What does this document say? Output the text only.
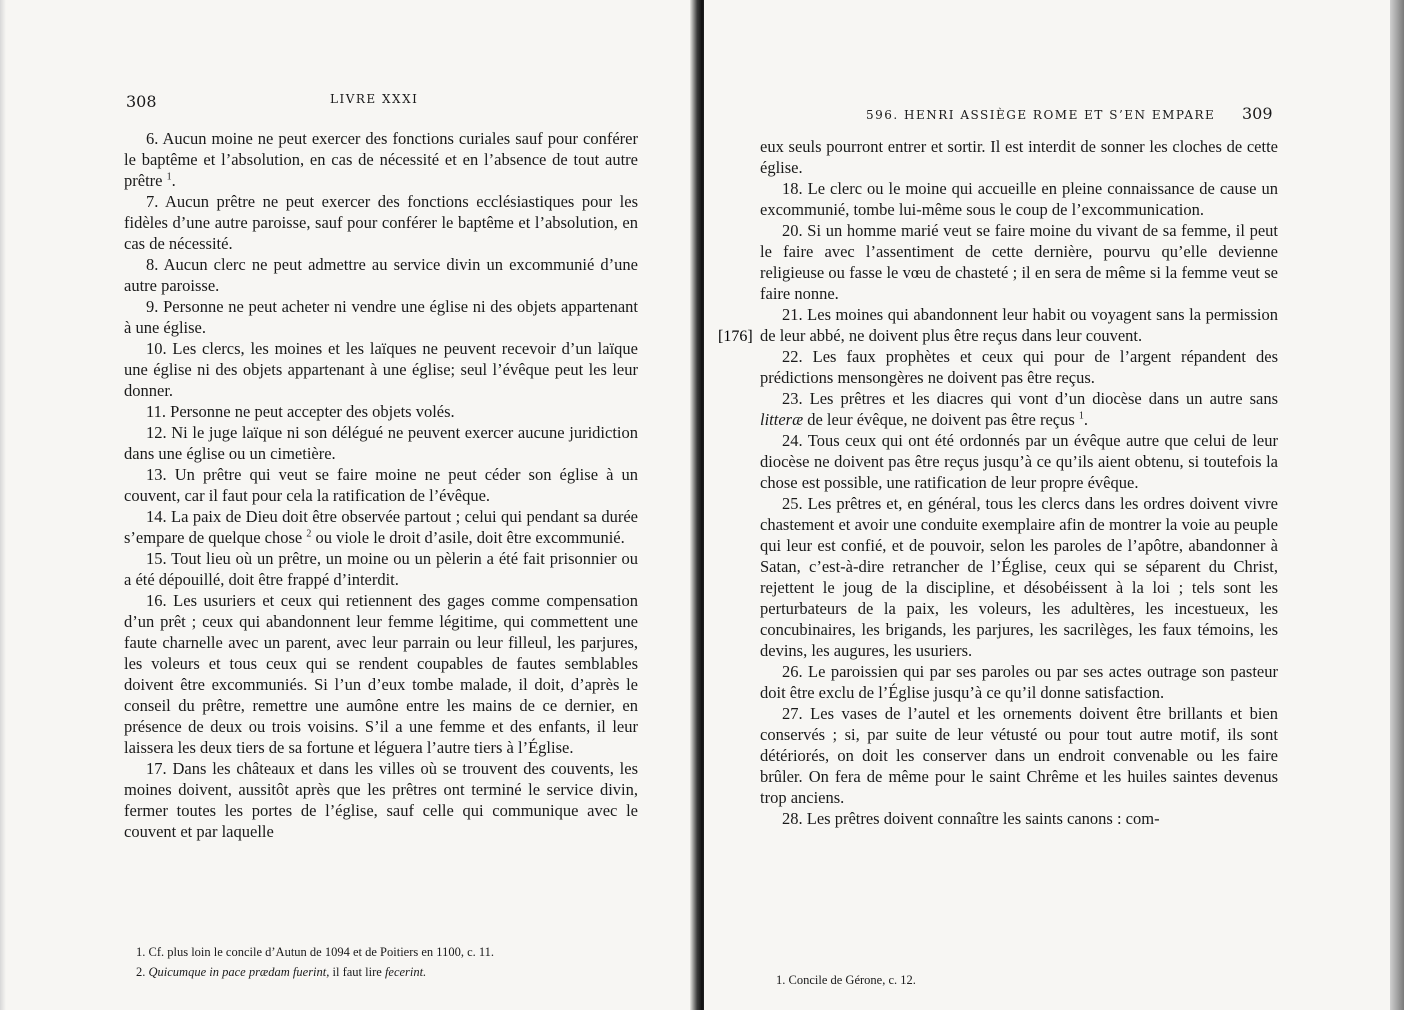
308	LIVRE XXXI

6. Aucun moine ne peut exercer des fonctions curiales sauf pour conférer le baptême et l’absolution, en cas de nécessité et en l’absence de tout autre prêtre $^1$.

7. Aucun prêtre ne peut exercer des fonctions ecclésiastiques pour les fidèles d’une autre paroisse, sauf pour conférer le baptême et l’absolution, en cas de nécessité.

8. Aucun clerc ne peut admettre au service divin un excommunié d’une autre paroisse.

9. Personne ne peut acheter ni vendre une église ni des objets appartenant à une église.

10. Les clercs, les moines et les laïques ne peuvent recevoir d’un laïque une église ni des objets appartenant à une église; seul l’évêque peut les leur donner.

11. Personne ne peut accepter des objets volés.

12. Ni le juge laïque ni son délégué ne peuvent exercer aucune juridiction dans une église ou un cimetière.

13. Un prêtre qui veut se faire moine ne peut céder son église à un couvent, car il faut pour cela la ratification de l’évêque.

14. La paix de Dieu doit être observée partout ; celui qui pendant sa durée s’empare de quelque chose $^2$ ou viole le droit d’asile, doit être excommunié.

15. Tout lieu où un prêtre, un moine ou un pèlerin a été fait prisonnier ou a été dépouillé, doit être frappé d’interdit.

16. Les usuriers et ceux qui retiennent des gages comme compensation d’un prêt ; ceux qui abandonnent leur femme légitime, qui commettent une faute charnelle avec un parent, avec leur parrain ou leur filleul, les parjures, les voleurs et tous ceux qui se rendent coupables de fautes semblables doivent être excommuniés. Si l’un d’eux tombe malade, il doit, d’après le conseil du prêtre, remettre une aumône entre les mains de ce dernier, en présence de deux ou trois voisins. S’il a une femme et des enfants, il leur laissera les deux tiers de sa fortune et léguera l’autre tiers à l’Église.

17. Dans les châteaux et dans les villes où se trouvent des couvents, les moines doivent, aussitôt après que les prêtres ont terminé le service divin, fermer toutes les portes de l’église, sauf celle qui communique avec le couvent et par laquelle

1. Cf. plus loin le concile d’Autun de 1094 et de Poitiers en 1100, c. 11.

2. Quicumque in pace prædam fuerint, il faut lire fecerint.

596. HENRI ASSIÈGE ROME ET S’EN EMPARE 309

eux seuls pourront entrer et sortir. Il est interdit de sonner les cloches de cette église.

18. Le clerc ou le moine qui accueille en pleine connaissance de cause un excommunié, tombe lui-même sous le coup de l’excommunication.

20. Si un homme marié veut se faire moine du vivant de sa femme, il peut le faire avec l’assentiment de cette dernière, pourvu qu’elle devienne religieuse ou fasse le vœu de chasteté ; il en sera de même si la femme veut se faire nonne.

21. Les moines qui abandonnent leur habit ou voyagent sans la permission de leur abbé, ne doivent plus être reçus dans leur couvent.

22. Les faux prophètes et ceux qui pour de l’argent répandent des prédictions mensongères ne doivent pas être reçus.

23. Les prêtres et les diacres qui vont d’un diocèse dans un autre sans litteræ de leur évêque, ne doivent pas être reçus $^1$.

24. Tous ceux qui ont été ordonnés par un évêque autre que celui de leur diocèse ne doivent pas être reçus jusqu’à ce qu’ils aient obtenu, si toutefois la chose est possible, une ratification de leur propre évêque.

25. Les prêtres et, en général, tous les clercs dans les ordres doivent vivre chastement et avoir une conduite exemplaire afin de montrer la voie au peuple qui leur est confié, et de pouvoir, selon les paroles de l’apôtre, abandonner à Satan, c’est-à-dire retrancher de l’Église, ceux qui se séparent du Christ, rejettent le joug de la discipline, et désobéissent à la loi ; tels sont les perturbateurs de la paix, les voleurs, les adultères, les incestueux, les concubinaires, les brigands, les parjures, les sacrilèges, les faux témoins, les devins, les augures, les usuriers.

26. Le paroissien qui par ses paroles ou par ses actes outrage son pasteur doit être exclu de l’Église jusqu’à ce qu’il donne satisfaction.

27. Les vases de l’autel et les ornements doivent être brillants et bien conservés ; si, par suite de leur vétusté ou pour tout autre motif, ils sont détériorés, on doit les conserver dans un endroit convenable ou les faire brûler. On fera de même pour le saint Chrême et les huiles saintes devenus trop anciens.

28. Les prêtres doivent connaître les saints canons : com-

1. Concile de Gérone, c. 12.

[176]
